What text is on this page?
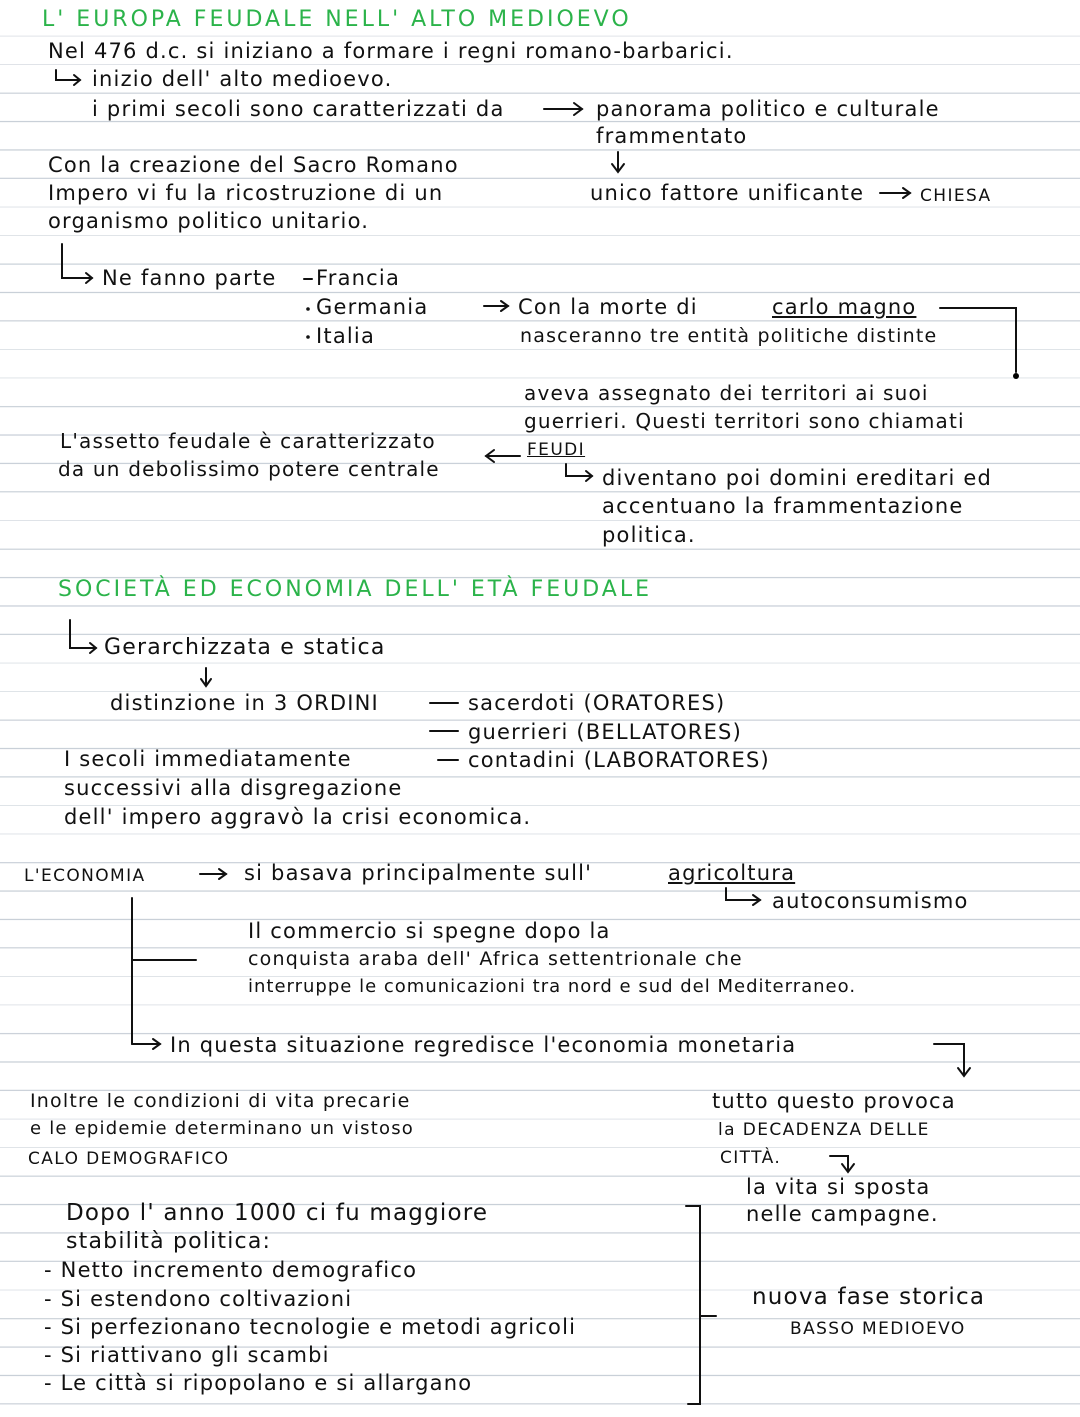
L' EUROPA FEUDALE NELL' ALTO MEDIOEVO
Nel 476 d.c. si iniziano a formare i regni romano-barbarici.
inizio dell' alto medioevo.
i primi secoli sono caratterizzati da	panorama politico e culturale
frammentato
unico fattore unificante	CHIESA
Con la creazione del Sacro Romano
Impero vi fu la ricostruzione di un
organismo politico unitario.
Ne fanno parte Francia
Germania
Italia
Con la morte di	carlo magno
nasceranno tre entità politiche distinte
aveva assegnato dei territori ai suoi
guerrieri. Questi territori sono chiamati
FEUDI
diventano poi domini ereditari ed
accentuano la frammentazione
politica.
L'assetto feudale è caratterizzato
da un debolissimo potere centrale
SOCIETÀ ED ECONOMIA DELL' ETÀ FEUDALE
Gerarchizzata e statica
distinzione in 3 ORDINI	sacerdoti (ORATORES)
guerrieri (BELLATORES)
contadini (LABORATORES)
I secoli immediatamente
successivi alla disgregazione
dell' impero aggravò la crisi economica.
L'ECONOMIA	si basava principalmente sull'	agricoltura
autoconsumismo
Il commercio si spegne dopo la
conquista araba dell' Africa settentrionale che
interruppe le comunicazioni tra nord e sud del Mediterraneo.
In questa situazione regredisce l'economia monetaria
Inoltre le condizioni di vita precarie
e le epidemie determinano un vistoso
CALO DEMOGRAFICO
tutto questo provoca
la DECADENZA DELLE
CITTÀ.
la vita si sposta
nelle campagne.
Dopo l' anno 1000 ci fu maggiore
stabilità politica:
- Netto incremento demografico
- Si estendono coltivazioni
- Si perfezionano tecnologie e metodi agricoli
- Si riattivano gli scambi
- Le città si ripopolano e si allargano
nuova fase storica
BASSO MEDIOEVO
